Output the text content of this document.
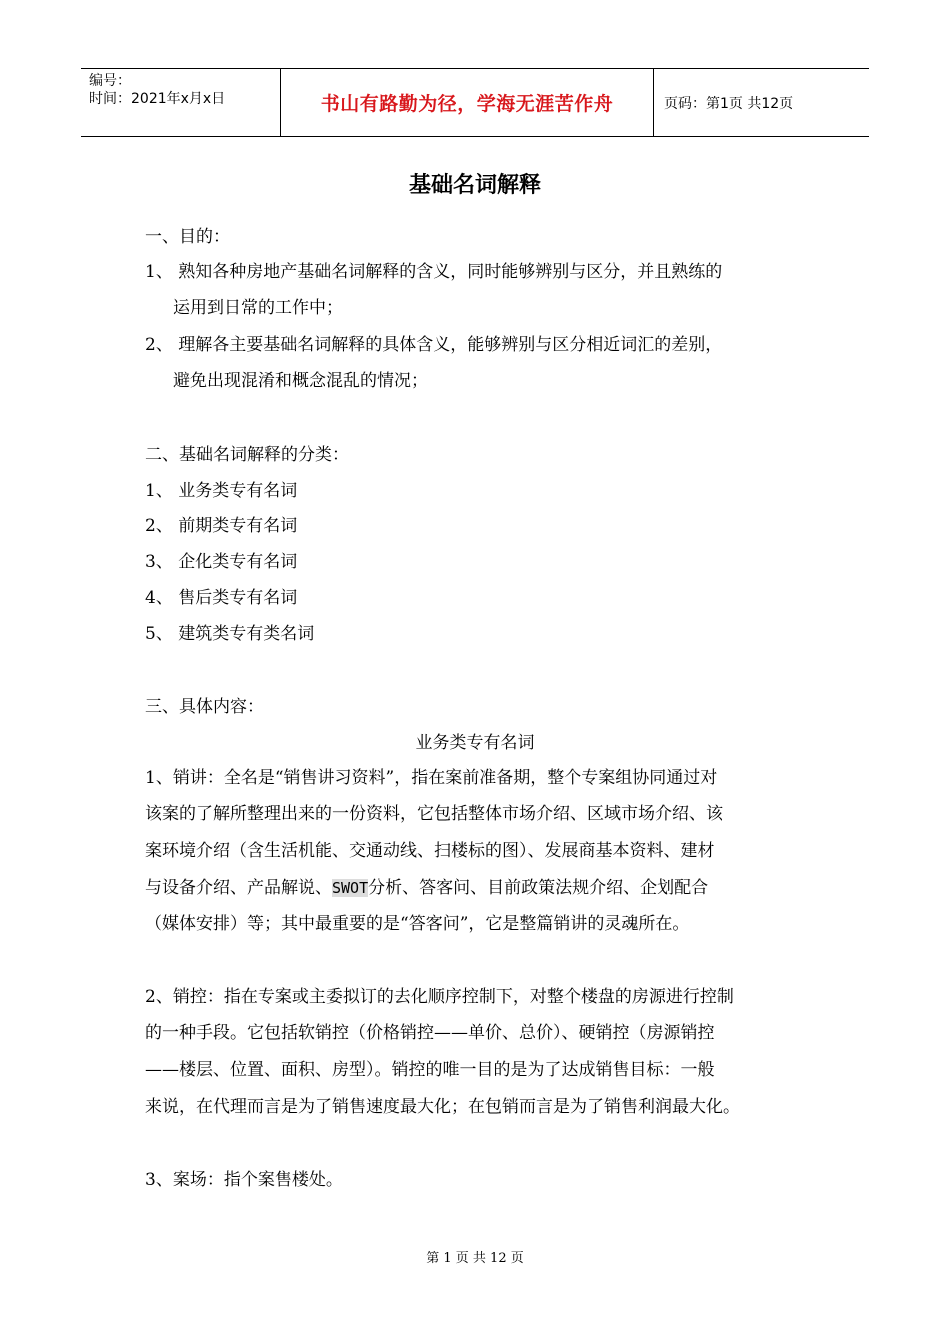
编号：
时间：2021年x月x日	书山有路勤为径，学海无涯苦作舟	页码：第1页 共12页
基础名词解释
一、目的：
1、 熟知各种房地产基础名词解释的含义，同时能够辨别与区分，并且熟练的
运用到日常的工作中；
2、 理解各主要基础名词解释的具体含义，能够辨别与区分相近词汇的差别，
避免出现混淆和概念混乱的情况；
二、基础名词解释的分类：
1、 业务类专有名词
2、 前期类专有名词
3、 企化类专有名词
4、 售后类专有名词
5、 建筑类专有类名词
三、具体内容：
业务类专有名词
1、销讲：全名是“销售讲习资料”，指在案前准备期，整个专案组协同通过对
该案的了解所整理出来的一份资料，它包括整体市场介绍、区域市场介绍、该
案环境介绍（含生活机能、交通动线、扫楼标的图）、发展商基本资料、建材
与设备介绍、产品解说、SWOT分析、答客问、目前政策法规介绍、企划配合
（媒体安排）等；其中最重要的是“答客问”，它是整篇销讲的灵魂所在。
2、销控：指在专案或主委拟订的去化顺序控制下，对整个楼盘的房源进行控制
的一种手段。它包括软销控（价格销控——单价、总价）、硬销控（房源销控
——楼层、位置、面积、房型）。销控的唯一目的是为了达成销售目标：一般
来说，在代理而言是为了销售速度最大化；在包销而言是为了销售利润最大化。
3、案场：指个案售楼处。
第 1 页 共 12 页
